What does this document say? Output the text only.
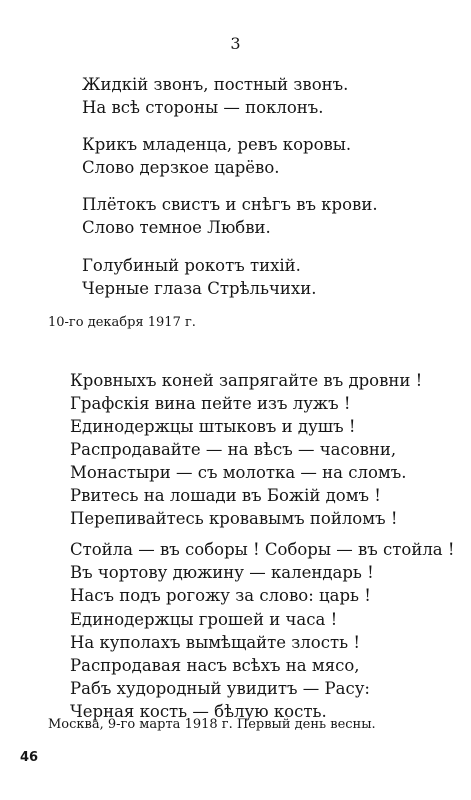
3
Жидкій звонъ, постный звонъ.
На всѣ стороны — поклонъ.
Крикъ младенца, ревъ коровы.
Слово дерзкое царёво.
Плётокъ свистъ и снѣгъ въ крови.
Слово темное Любви.
Голубиный рокотъ тихій.
Черные глаза Стрѣльчихи.
10-го декабря 1917 г.
Кровныхъ коней запрягайте въ дровни !
Графскія вина пейте изъ лужъ !
Единодержцы штыковъ и душъ !
Распродавайте — на вѣсъ — часовни,
Монастыри — съ молотка — на сломъ.
Рвитесь на лошади въ Божій домъ !
Перепивайтесь кровавымъ пойломъ !
Стойла — въ соборы ! Соборы — въ стойла !
Въ чортову дюжину — календарь !
Насъ подъ рогожу за слово: царь !
Единодержцы грошей и часа !
На куполахъ вымѣщайте злость !
Распродавая насъ всѣхъ на мясо,
Рабъ худородный увидитъ — Расу:
Черная кость — бѣлую кость.
Москва, 9-го марта 1918 г. Первый день весны.
46
